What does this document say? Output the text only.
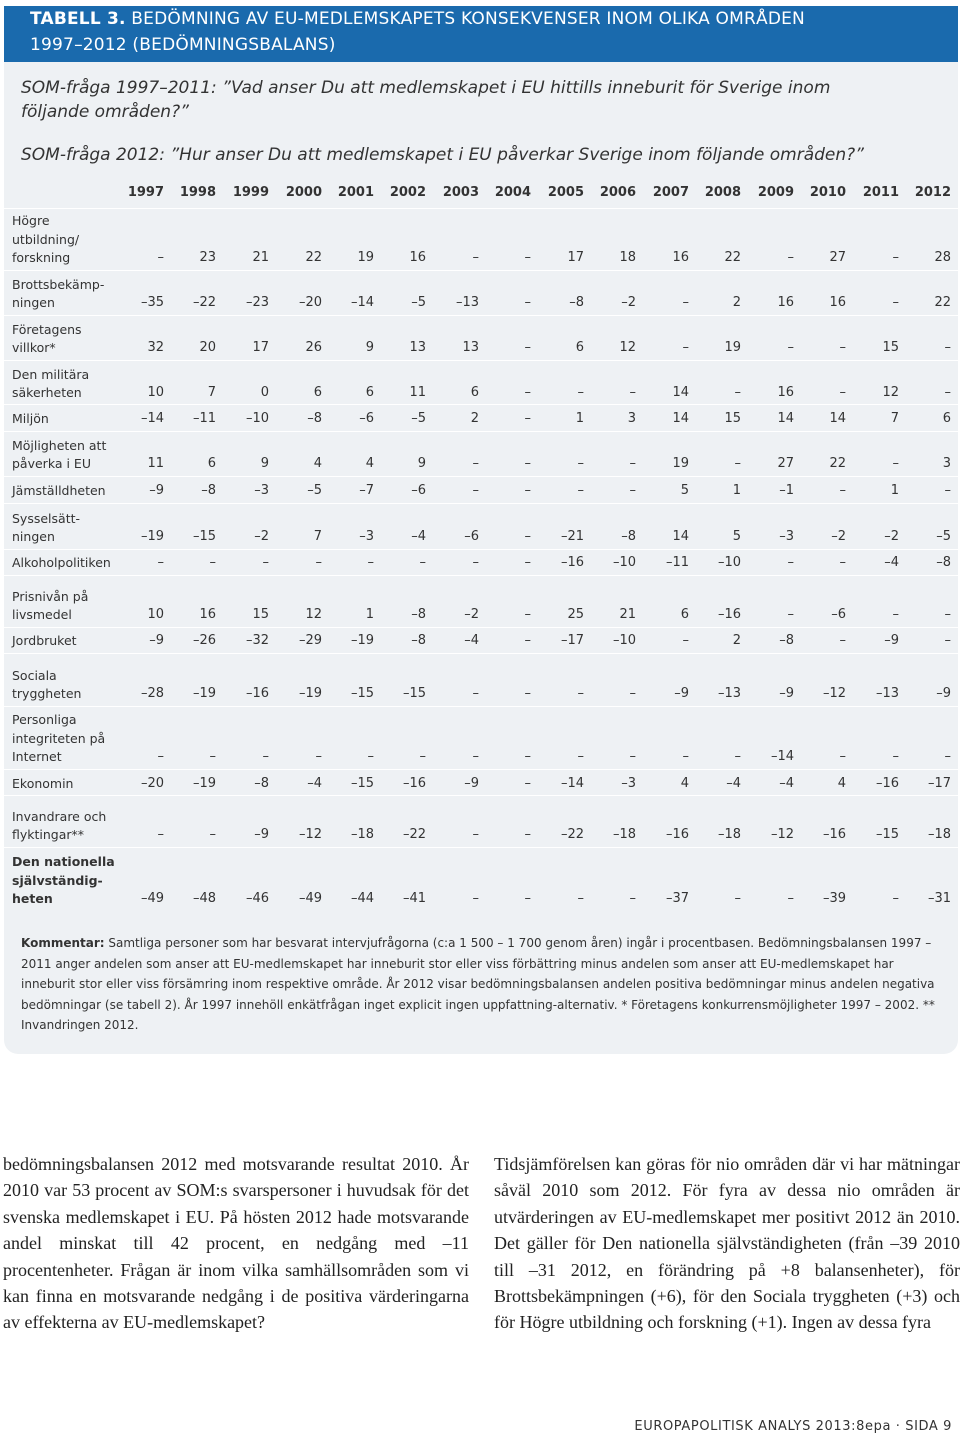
TABELL 3. BEDÖMNING AV EU-MEDLEMSKAPETS KONSEKVENSER INOM OLIKA OMRÅDEN
1997–2012 (BEDÖMNINGSBALANS)
SOM-fråga 1997–2011: ”Vad anser Du att medlemskapet i EU hittills inneburit för Sverige inom
följande områden?”
SOM-fråga 2012: ”Hur anser Du att medlemskapet i EU påverkar Sverige inom följande områden?”
1997 1998 1999 2000 2001 2002 2003 2004 2005 2006 2007 2008 2009 2010 2011 2012
Högre
utbildning/
forskning	–	23	21	22	19	16	–	–	17	18	16	22	–	27	–	28
Brottsbekämp-
ningen	–35	–22	–23	–20	–14	–5	–13	–	–8	–2	–	2	16	16	–	22
Företagens
villkor*	32	20	17	26	9	13	13	–	6	12	–	19	–	–	15	–
Den militära
säkerheten	10	7	0	6	6	11	6	–	–	–	14	–	16	–	12	–
Miljön	–14	–11	–10	–8	–6	–5	2	–	1	3	14	15	14	14	7	6
Möjligheten att
påverka i EU	11	6	9	4	4	9	–	–	–	–	19	–	27	22	–	3
Jämställdheten	–9	–8	–3	–5	–7	–6	–	–	–	–	5	1	–1	–	1	–
Sysselsätt-
ningen	–19	–15	–2	7	–3	–4	–6	–	–21	–8	14	5	–3	–2	–2	–5
Alkoholpolitiken	–	–	–	–	–	–	–	–	–16	–10	–11	–10	–	–	–4	–8
Prisnivån på
livsmedel	10	16	15	12	1	–8	–2	–	25	21	6	–16	–	–6	–	–
Jordbruket	–9	–26	–32	–29	–19	–8	–4	–	–17	–10	–	2	–8	–	–9	–
Sociala
tryggheten	–28	–19	–16	–19	–15	–15	–	–	–	–	–9	–13	–9	–12	–13	–9
Personliga
integriteten på
Internet	–	–	–	–	–	–	–	–	–	–	–	–	–14	–	–	–
Ekonomin	–20	–19	–8	–4	–15	–16	–9	–	–14	–3	4	–4	–4	4	–16	–17
Invandrare och
flyktingar**	–	–	–9	–12	–18	–22	–	–	–22	–18	–16	–18	–12	–16	–15	–18
Den nationella
självständig-
heten	–49	–48	–46	–49	–44	–41	–	–	–	–	–37	–	–	–39	–	–31
Kommentar: Samtliga personer som har besvarat intervjufrågorna (c:a 1 500 – 1 700 genom åren) ingår i procentbasen. Bedömningsbalansen 1997 – 2011 anger andelen som anser att EU-medlemskapet har inneburit stor eller viss förbättring minus andelen som anser att EU-medlemskapet har inneburit stor eller viss försämring inom respektive område. År 2012 visar bedömningsbalansen andelen positiva bedömningar minus andelen negativa bedömningar (se tabell 2). År 1997 innehöll enkätfrågan inget explicit ingen uppfattning-alternativ. * Företagens konkurrensmöjligheter 1997 – 2002. ** Invandringen 2012.
bedömningsbalansen 2012 med motsvarande resultat 2010. År 2010 var 53 procent av SOM:s svarspersoner i huvudsak för det svenska medlemskapet i EU. På hösten 2012 hade motsvarande andel minskat till 42 procent, en nedgång med –11 procentenheter. Frågan är inom vilka samhällsområden som vi kan finna en motsvarande nedgång i de positiva värderingarna av effekterna av EU-medlemskapet?
Tidsjämförelsen kan göras för nio områden där vi har mätningar såväl 2010 som 2012. För fyra av dessa nio områden är utvärderingen av EU-medlemskapet mer positivt 2012 än 2010. Det gäller för Den nationella självständigheten (från –39 2010 till –31 2012, en förändring på +8 balansenheter), för Brottsbekämpningen (+6), för den Sociala tryggheten (+3) och för Högre utbildning och forskning (+1). Ingen av dessa fyra
EUROPAPOLITISK ANALYS 2013:8epa · SIDA 9
